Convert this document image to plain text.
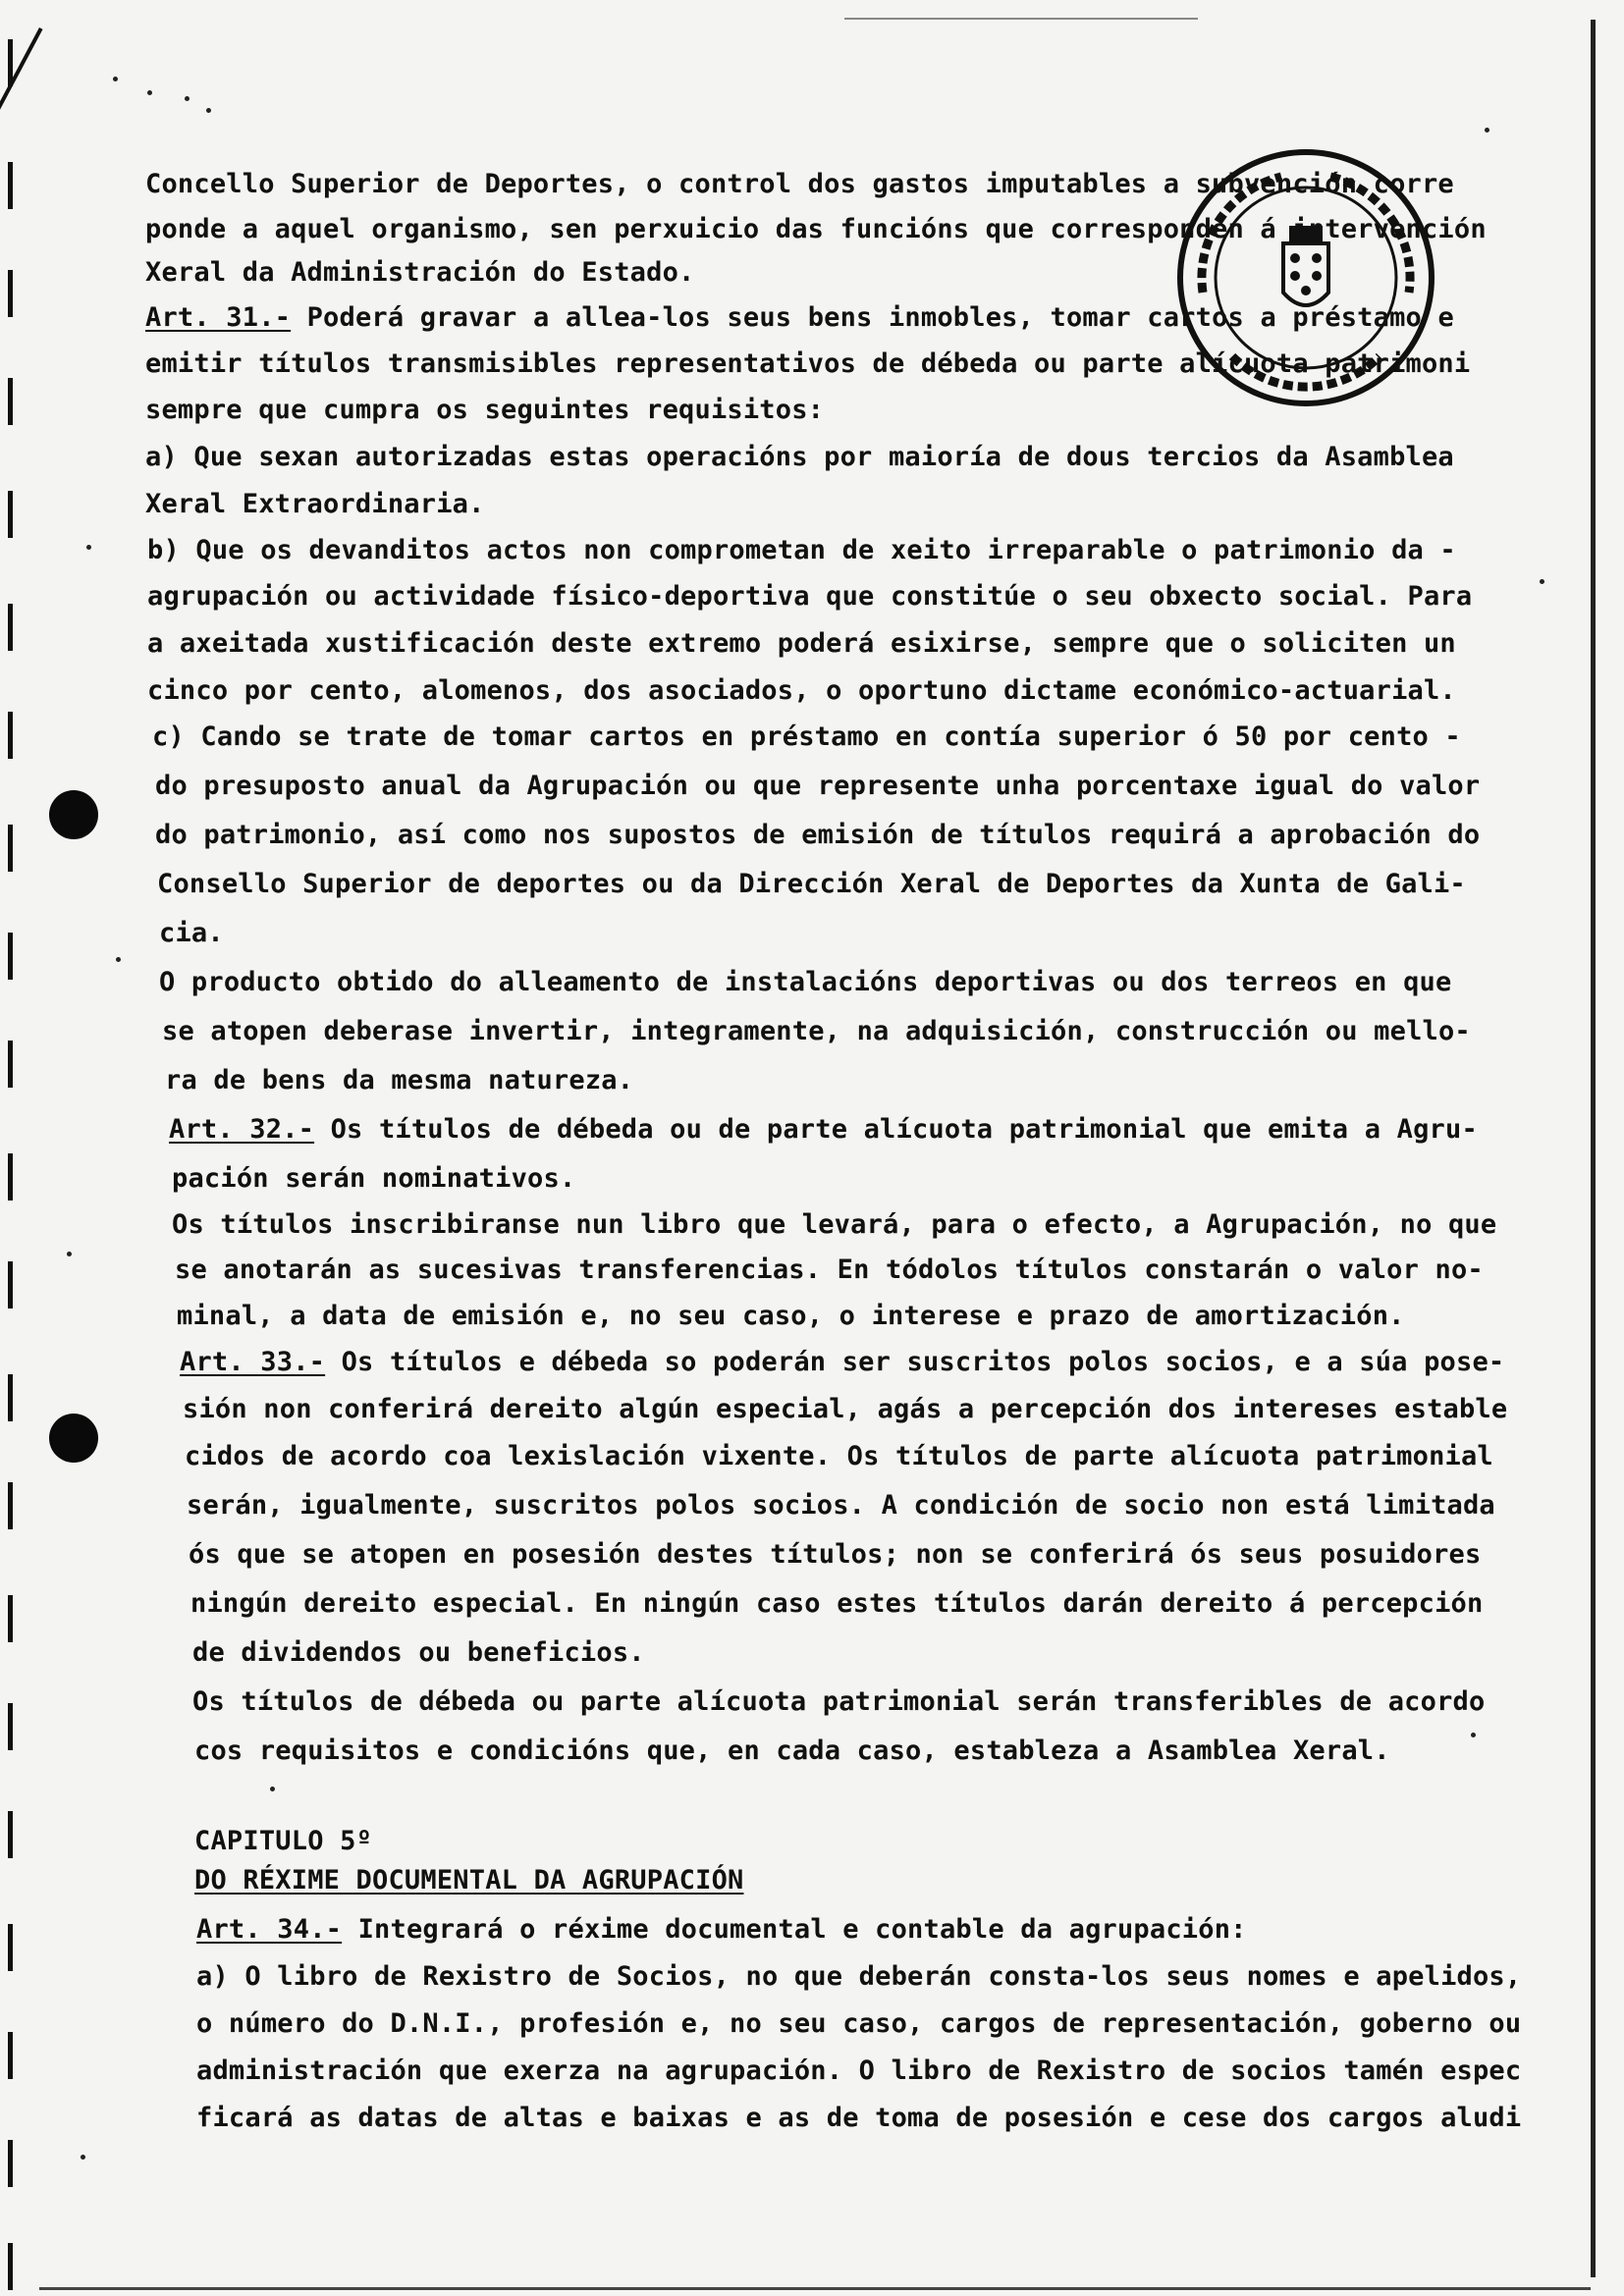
Concello Superior de Deportes, o control dos gastos imputables a subvención corre
ponde a aquel organismo, sen perxuicio das funcións que corresponden á intervención
Xeral da Administración do Estado.
Art. 31.- Poderá gravar a allea-los seus bens inmobles, tomar cartos a préstamo e
emitir títulos transmisibles representativos de débeda ou parte alícuota patrimoni
sempre que cumpra os seguintes requisitos:
a) Que sexan autorizadas estas operacións por maioría de dous tercios da Asamblea
Xeral Extraordinaria.
b) Que os devanditos actos non comprometan de xeito irreparable o patrimonio da -
agrupación ou actividade físico-deportiva que constitúe o seu obxecto social. Para
a axeitada xustificación deste extremo poderá esixirse, sempre que o soliciten un
cinco por cento, alomenos, dos asociados, o oportuno dictame económico-actuarial.
c) Cando se trate de tomar cartos en préstamo en contía superior ó 50 por cento -
do presuposto anual da Agrupación ou que represente unha porcentaxe igual do valor
do patrimonio, así como nos supostos de emisión de títulos requirá a aprobación do
Consello Superior de deportes ou da Dirección Xeral de Deportes da Xunta de Gali-
cia.
O producto obtido do alleamento de instalacións deportivas ou dos terreos en que
se atopen deberase invertir, integramente, na adquisición, construcción ou mello-
ra de bens da mesma natureza.
Art. 32.- Os títulos de débeda ou de parte alícuota patrimonial que emita a Agru-
pación serán nominativos.
Os títulos inscribiranse nun libro que levará, para o efecto, a Agrupación, no que
se anotarán as sucesivas transferencias. En tódolos títulos constarán o valor no-
minal, a data de emisión e, no seu caso, o interese e prazo de amortización.
Art. 33.- Os títulos e débeda so poderán ser suscritos polos socios, e a súa pose-
sión non conferirá dereito algún especial, agás a percepción dos intereses estable
cidos de acordo coa lexislación vixente. Os títulos de parte alícuota patrimonial
serán, igualmente, suscritos polos socios. A condición de socio non está limitada
ós que se atopen en posesión destes títulos; non se conferirá ós seus posuidores
ningún dereito especial. En ningún caso estes títulos darán dereito á percepción
de dividendos ou beneficios.
Os títulos de débeda ou parte alícuota patrimonial serán transferibles de acordo
cos requisitos e condicións que, en cada caso, estableza a Asamblea Xeral.
CAPITULO 5º
DO RÉXIME DOCUMENTAL DA AGRUPACIÓN
Art. 34.- Integrará o réxime documental e contable da agrupación:
a) O libro de Rexistro de Socios, no que deberán consta-los seus nomes e apelidos,
o número do D.N.I., profesión e, no seu caso, cargos de representación, goberno ou
administración que exerza na agrupación. O libro de Rexistro de socios tamén espec
ficará as datas de altas e baixas e as de toma de posesión e cese dos cargos aludi
